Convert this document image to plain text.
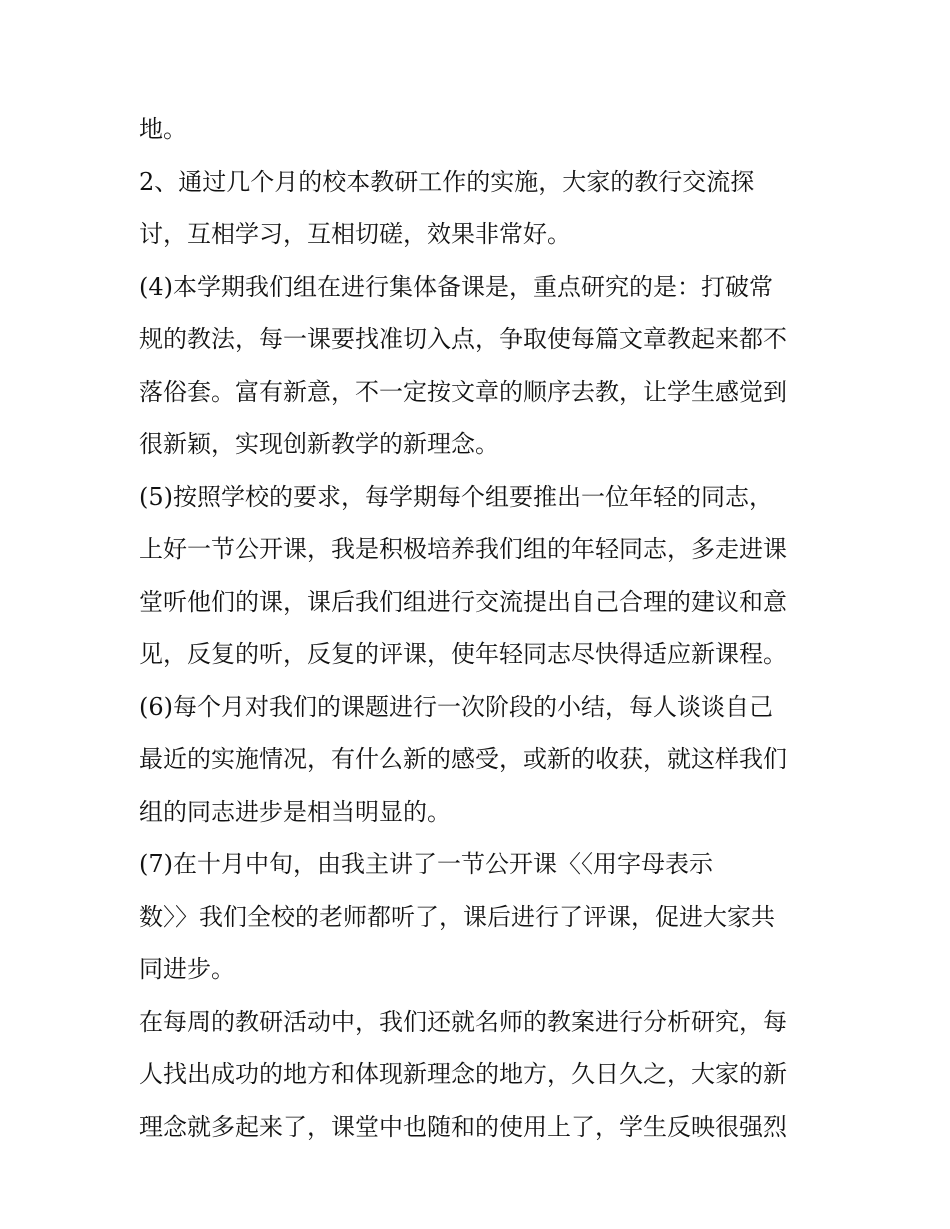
地。

2、通过几个月的校本教研工作的实施，大家的教行交流探

讨，互相学习，互相切磋，效果非常好。

(4)本学期我们组在进行集体备课是，重点研究的是：打破常

规的教法，每一课要找准切入点，争取使每篇文章教起来都不

落俗套。富有新意，不一定按文章的顺序去教，让学生感觉到

很新颖，实现创新教学的新理念。

(5)按照学校的要求，每学期每个组要推出一位年轻的同志，

上好一节公开课，我是积极培养我们组的年轻同志，多走进课

堂听他们的课，课后我们组进行交流提出自己合理的建议和意

见，反复的听，反复的评课，使年轻同志尽快得适应新课程。

(6)每个月对我们的课题进行一次阶段的小结，每人谈谈自己

最近的实施情况，有什么新的感受，或新的收获，就这样我们

组的同志进步是相当明显的。

(7)在十月中旬，由我主讲了一节公开课〈〈用字母表示

数〉〉我们全校的老师都听了，课后进行了评课，促进大家共

同进步。

在每周的教研活动中，我们还就名师的教案进行分析研究，每

人找出成功的地方和体现新理念的地方，久日久之，大家的新

理念就多起来了，课堂中也随和的使用上了，学生反映很强烈
